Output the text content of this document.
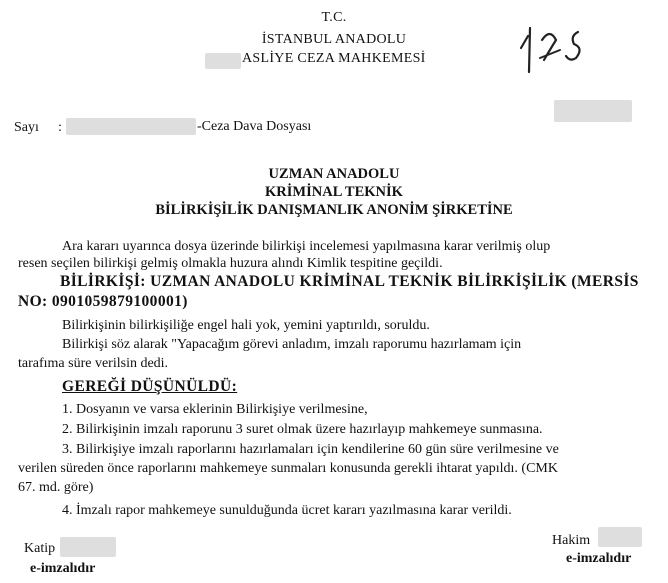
T.C.
İSTANBUL ANADOLU
ASLİYE CEZA MAHKEMESİ
Sayı :	-Ceza Dava Dosyası
UZMAN ANADOLU
KRİMİNAL TEKNİK
BİLİRKİŞİLİK DANIŞMANLIK ANONİM ŞİRKETİNE
Ara kararı uyarınca dosya üzerinde bilirkişi incelemesi yapılmasına karar verilmiş olup
resen seçilen bilirkişi gelmiş olmakla huzura alındı Kimlik tespitine geçildi.
BİLİRKİŞİ: UZMAN ANADOLU KRİMİNAL TEKNİK BİLİRKİŞİLİK (MERSİS
NO: 0901059879100001)
Bilirkişinin bilirkişiliğe engel hali yok, yemini yaptırıldı, soruldu.
Bilirkişi söz alarak "Yapacağım görevi anladım, imzalı raporumu hazırlamam için
tarafıma süre verilsin dedi.
GEREĞİ DÜŞÜNÜLDÜ:
1. Dosyanın ve varsa eklerinin Bilirkişiye verilmesine,
2. Bilirkişinin imzalı raporunu 3 suret olmak üzere hazırlayıp mahkemeye sunmasına.
3. Bilirkişiye imzalı raporlarını hazırlamaları için kendilerine 60 gün süre verilmesine ve
verilen süreden önce raporlarını mahkemeye sunmaları konusunda gerekli ihtarat yapıldı. (CMK
67. md. göre)
4. İmzalı rapor mahkemeye sunulduğunda ücret kararı yazılmasına karar verildi.
Katip
e-imzalıdır
Hakim
e-imzalıdır
